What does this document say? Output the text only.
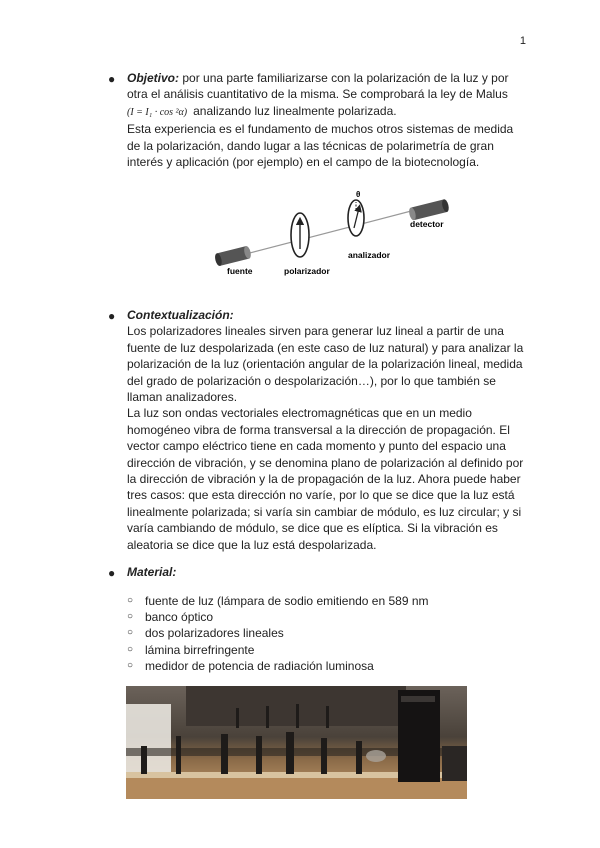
1
● Objetivo: por una parte familiarizarse con la polarización de la luz y por otra el análisis cuantitativo de la misma. Se comprobará la ley de Malus

(I = I₁ · cos ²α) analizando luz linealmente polarizada.

Esta experiencia es el fundamento de muchos otros sistemas de medida de la polarización, dando lugar a las técnicas de polarimetría de gran interés y aplicación (por ejemplo) en el campo de la biotecnología.

θ
fuente	polarizador
analizador
detector
● Contextualización:

Los polarizadores lineales sirven para generar luz lineal a partir de una fuente de luz despolarizada (en este caso de luz natural) y para analizar la polarización de la luz (orientación angular de la polarización lineal, medida del grado de polarización o despolarización…), por lo que también se llaman analizadores.

La luz son ondas vectoriales electromagnéticas que en un medio homogéneo vibra de forma transversal a la dirección de propagación. El vector campo eléctrico tiene en cada momento y punto del espacio una dirección de vibración, y se denomina plano de polarización al definido por la dirección de vibración y la de propagación de la luz. Ahora puede haber tres casos: que esta dirección no varíe, por lo que se dice que la luz está linealmente polarizada; si varía sin cambiar de módulo, es luz circular; y si varía cambiando de módulo, se dice que es elíptica. Si la vibración es aleatoria se dice que la luz está despolarizada.

● Material:

○ fuente de luz (lámpara de sodio emitiendo en 589 nm
○ banco óptico
○ dos polarizadores lineales
○ lámina birrefringente
○ medidor de potencia de radiación luminosa
